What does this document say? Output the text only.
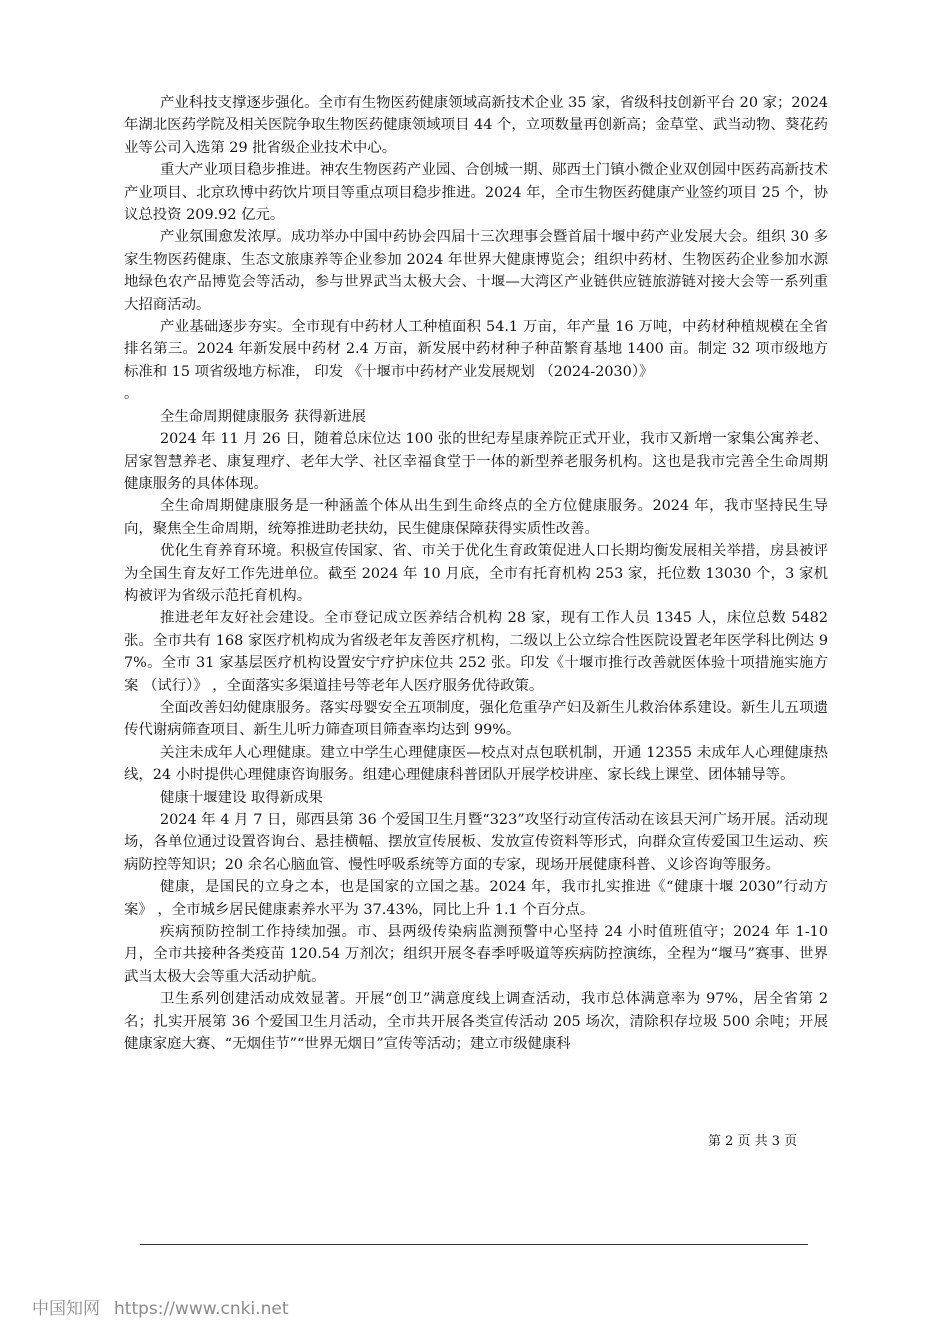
产业科技支撑逐步强化。全市有生物医药健康领域高新技术企业 35 家，省级科技创新平台 20 家；2024 年湖北医药学院及相关医院争取生物医药健康领域项目 44 个，立项数量再创新高；金草堂、武当动物、葵花药业等公司入选第 29 批省级企业技术中心。

重大产业项目稳步推进。神农生物医药产业园、合创城一期、郧西土门镇小微企业双创园中医药高新技术产业项目、北京玖博中药饮片项目等重点项目稳步推进。2024 年，全市生物医药健康产业签约项目 25 个，协议总投资 209.92 亿元。

产业氛围愈发浓厚。成功举办中国中药协会四届十三次理事会暨首届十堰中药产业发展大会。组织 30 多家生物医药健康、生态文旅康养等企业参加 2024 年世界大健康博览会；组织中药材、生物医药企业参加水源地绿色农产品博览会等活动，参与世界武当太极大会、十堰—大湾区产业链供应链旅游链对接大会等一系列重大招商活动。

产业基础逐步夯实。全市现有中药材人工种植面积 54.1 万亩，年产量 16 万吨，中药材种植规模在全省排名第三。2024 年新发展中药材 2.4 万亩，新发展中药材种子种苗繁育基地 1400 亩。制定 32 项市级地方标准和 15 项省级地方标准， 印发 《十堰市中药材产业发展规划 （2024-2030）》

。

全生命周期健康服务 获得新进展

2024 年 11 月 26 日，随着总床位达 100 张的世纪寿星康养院正式开业，我市又新增一家集公寓养老、居家智慧养老、康复理疗、老年大学、社区幸福食堂于一体的新型养老服务机构。这也是我市完善全生命周期健康服务的具体体现。

全生命周期健康服务是一种涵盖个体从出生到生命终点的全方位健康服务。2024 年，我市坚持民生导向，聚焦全生命周期，统筹推进助老扶幼，民生健康保障获得实质性改善。

优化生育养育环境。积极宣传国家、省、市关于优化生育政策促进人口长期均衡发展相关举措，房县被评为全国生育友好工作先进单位。截至 2024 年 10 月底，全市有托育机构 253 家，托位数 13030 个，3 家机构被评为省级示范托育机构。

推进老年友好社会建设。全市登记成立医养结合机构 28 家，现有工作人员 1345 人，床位总数 5482 张。全市共有 168 家医疗机构成为省级老年友善医疗机构，二级以上公立综合性医院设置老年医学科比例达 97%。全市 31 家基层医疗机构设置安宁疗护床位共 252 张。印发《十堰市推行改善就医体验十项措施实施方案 （试行）》 ，全面落实多渠道挂号等老年人医疗服务优待政策。

全面改善妇幼健康服务。落实母婴安全五项制度，强化危重孕产妇及新生儿救治体系建设。新生儿五项遗传代谢病筛查项目、新生儿听力筛查项目筛查率均达到 99%。

关注未成年人心理健康。建立中学生心理健康医—校点对点包联机制，开通 12355 未成年人心理健康热线，24 小时提供心理健康咨询服务。组建心理健康科普团队开展学校讲座、家长线上课堂、团体辅导等。

健康十堰建设 取得新成果

2024 年 4 月 7 日，郧西县第 36 个爱国卫生月暨“323”攻坚行动宣传活动在该县天河广场开展。活动现场，各单位通过设置咨询台、悬挂横幅、摆放宣传展板、发放宣传资料等形式，向群众宣传爱国卫生运动、疾病防控等知识；20 余名心脑血管、慢性呼吸系统等方面的专家，现场开展健康科普、义诊咨询等服务。

健康，是国民的立身之本，也是国家的立国之基。2024 年，我市扎实推进《“健康十堰 2030”行动方案》 ，全市城乡居民健康素养水平为 37.43%，同比上升 1.1 个百分点。

疾病预防控制工作持续加强。市、县两级传染病监测预警中心坚持 24 小时值班值守；2024 年 1-10 月，全市共接种各类疫苗 120.54 万剂次；组织开展冬春季呼吸道等疾病防控演练，全程为“堰马”赛事、世界武当太极大会等重大活动护航。

卫生系列创建活动成效显著。开展“创卫”满意度线上调查活动，我市总体满意率为 97%，居全省第 2 名；扎实开展第 36 个爱国卫生月活动，全市共开展各类宣传活动 205 场次，清除积存垃圾 500 余吨；开展健康家庭大赛、“无烟佳节”“世界无烟日”宣传等活动；建立市级健康科

第 2 页 共 3 页
中国知网 https://www.cnki.net
